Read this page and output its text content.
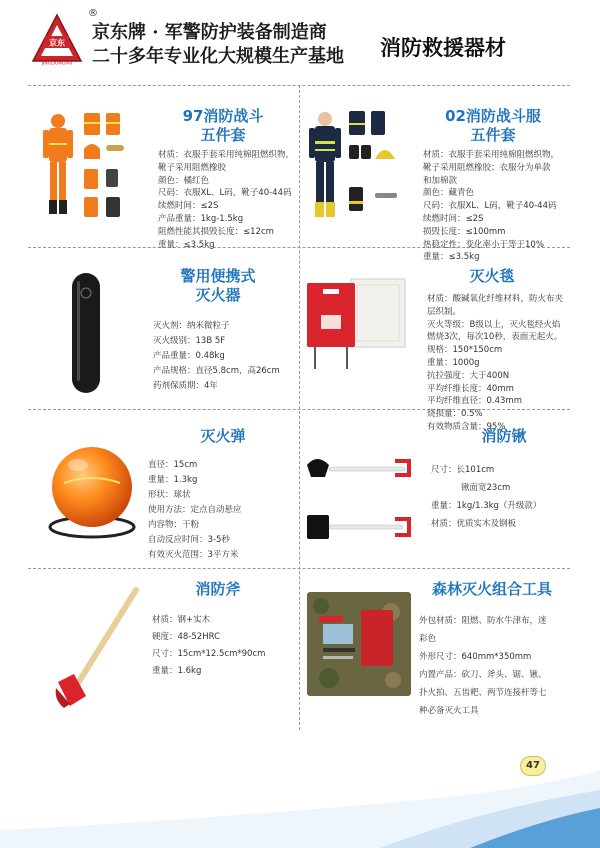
京东
JINGDONGPAI
®
京东牌 · 军警防护装备制造商
二十多年专业化大规模生产基地 消防救援器材
97消防战斗
五件套
材质：衣服手套采用纯棉阻燃织物，
靴子采用阻燃橡胶
颜色：橘红色
尺码：衣服XL、L码，靴子40-44码
续燃时间：≤2S
产品重量：1kg-1.5kg
阻燃性能其损毁长度：≤12cm
重量：≤3.5kg
02消防战斗服
五件套
材质：衣服手套采用纯棉阻燃织物，
靴子采用阻燃橡胶；衣服分为单款
和加棉款
颜色：藏青色
尺码：衣服XL、L码，靴子40-44码
续燃时间：≤2S
损毁长度：≤100mm
热稳定性：变化率小于等于10%
重量：≤3.5kg
警用便携式
灭火器
灭火剂：纳米微粒子
灭火级别：13B 5F
产品重量：0.48kg
产品规格：直径5.8cm，高26cm
药剂保质期：4年
灭火毯
材质：酸碱氧化纤维材料，防火布夹
层织制。
灭火等级：B级以上，灭火毯经火焰
燃烧3次，每次10秒，表面无起火。
规格：150*150cm
重量：1000g
抗拉强度：大于400N
平均纤维长度：40mm
平均纤维直径：0.43mm
烧损量：0.5%
有效物质含量：95%
灭火弹
直径：15cm
重量：1.3kg
形状：球状
使用方法：定点自动悬应
内容物：干粉
自动反应时间：3-5秒
有效灭火范围：3平方米
消防锹
尺寸：长101cm
锹面宽23cm
重量：1kg/1.3kg（升级款）
材质：优质实木及钢板
消防斧
材质：钢+实木
硬度：48-52HRC
尺寸：15cm*12.5cm*90cm
重量：1.6kg
森林灭火组合工具
外包材质：阻燃、防水牛津布，迷
彩色
外形尺寸：640mm*350mm
内置产品：砍刀、斧头、锯、锹、
扑火拍、五齿耙、两节连接杆等七
种必备灭火工具
47
